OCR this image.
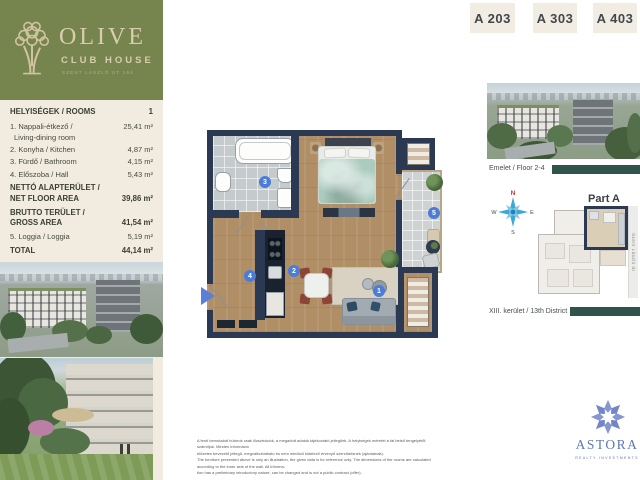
OLIVE
CLUB HOUSE
SZENT LÁSZLÓ ÚT 164
HELYISÉGEK / ROOMS	1
1. Nappali-étkező /	25,41 m²
Living-dining room
2. Konyha / Kitchen	4,87 m²
3. Fürdő / Bathroom	4,15 m²
4. Előszoba / Hall	5,43 m²
NETTÓ ALAPTERÜLET /
NET FLOOR AREA	39,86 m²
BRUTTO TERÜLET /
GROSS AREA	41,54 m²
5. Loggia / Loggia	5,19 m²
TOTAL	44,14 m²
1
2
3
4
5
A 203 A 303 A 403
Emelet / Floor 2-4
N
E
S
W
Part A
Szent László út
XIII. kerület / 13th District
ASTORA
REALTY INVESTMENTS
A fenti bemutatott bútorok csak illusztrációk, a megadott adatok tájékoztató jellegűek. A helyiségek méretét a fal belső tengelyétől számítjuk. Minden információ
előzetes bevezető jellegű, megváltoztatható és nem minősül kötelező érvényű szerződésnek (ajánlatnak).
The furniture presented above is only an illustration, the given data is for reference only. The dimensions of the rooms are calculated according to the inner axis of the wall. All informa-
tion has a preliminary introductory nature, can be changed and is not a public contract (offer).
